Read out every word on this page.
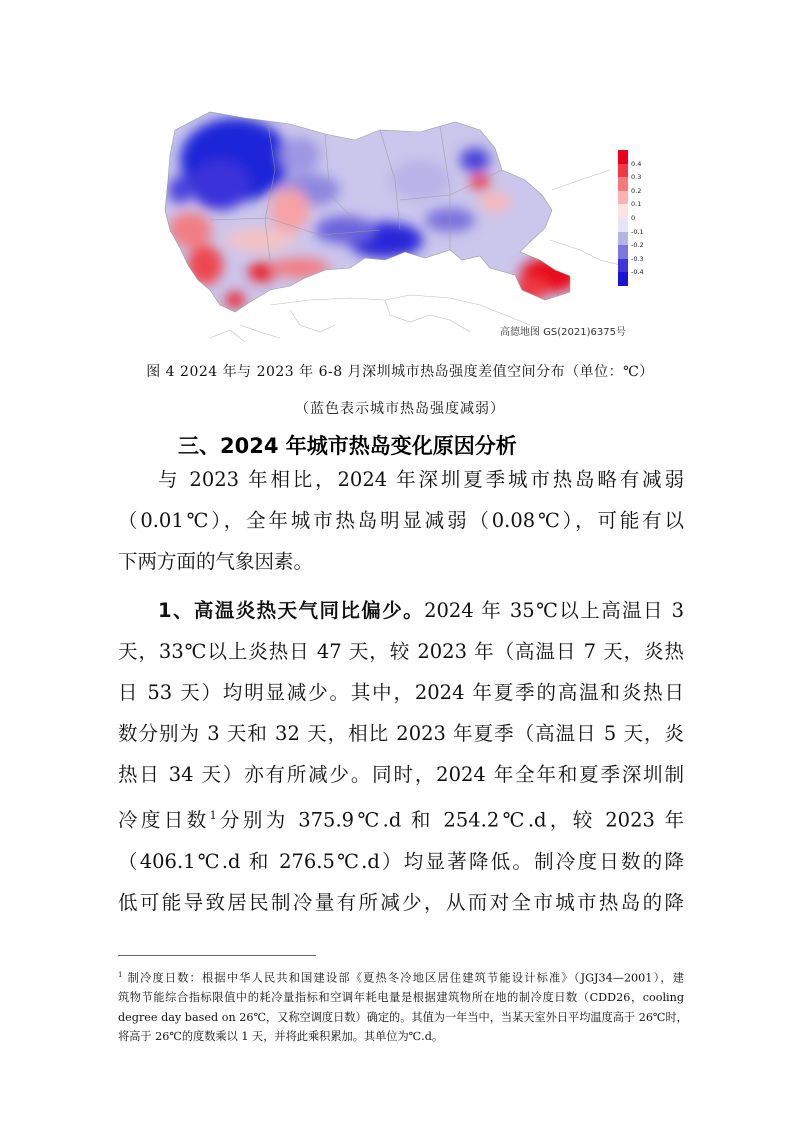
高德地图 GS(2021)6375号
0.4
0.3
0.2
0.1
0
-0.1
-0.2
-0.3
-0.4
图 4 2024 年与 2023 年 6-8 月深圳城市热岛强度差值空间分布（单位：℃）
（蓝色表示城市热岛强度减弱）
三、2024 年城市热岛变化原因分析
与 2023 年相比，2024 年深圳夏季城市热岛略有减弱
（0.01℃），全年城市热岛明显减弱（0.08℃），可能有以
下两方面的气象因素。
1、高温炎热天气同比偏少。2024 年 35℃以上高温日 3
天，33℃以上炎热日 47 天，较 2023 年（高温日 7 天，炎热
日 53 天）均明显减少。其中，2024 年夏季的高温和炎热日
数分别为 3 天和 32 天，相比 2023 年夏季（高温日 5 天，炎
热日 34 天）亦有所减少。同时，2024 年全年和夏季深圳制
冷度日数$^1$分别为 375.9℃.d 和 254.2℃.d，较 2023 年
（406.1℃.d 和 276.5℃.d）均显著降低。制冷度日数的降
低可能导致居民制冷量有所减少，从而对全市城市热岛的降
$^1$ 制冷度日数：根据中华人民共和国建设部《夏热冬冷地区居住建筑节能设计标准》（JGJ34—2001），建
筑物节能综合指标限值中的耗冷量指标和空调年耗电量是根据建筑物所在地的制冷度日数（CDD26，cooling
degree day based on 26℃，又称空调度日数）确定的。其值为一年当中，当某天室外日平均温度高于 26℃时，
将高于 26℃的度数乘以 1 天，并将此乘积累加。其单位为℃.d。
